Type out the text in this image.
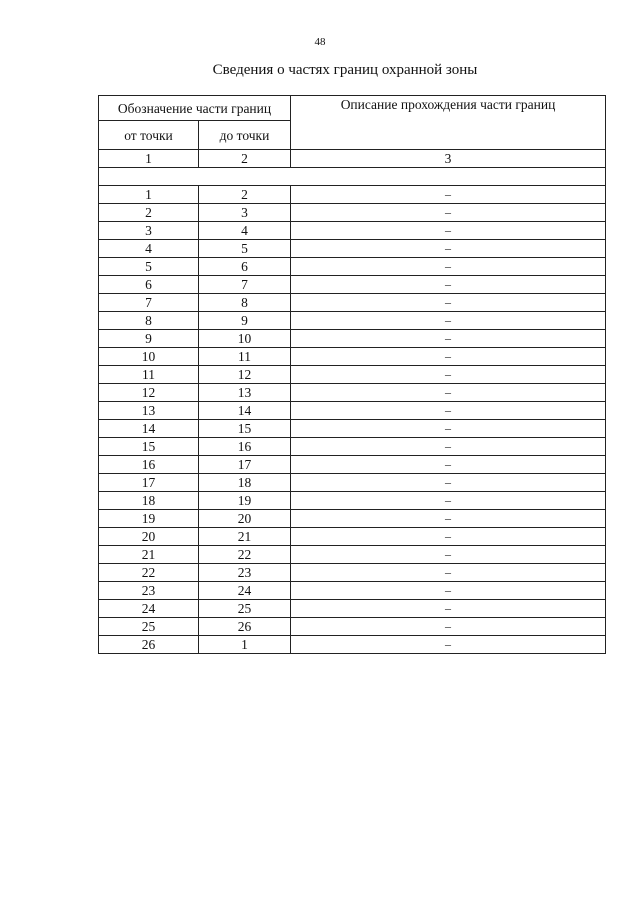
48
Сведения о частях границ охранной зоны
Обозначение части границ		Описание прохождения части границ
от точки	до точки	
1	2	3

1	2	–
2	3	–
3	4	–
4	5	–
5	6	–
6	7	–
7	8	–
8	9	–
9	10	–
10	11	–
11	12	–
12	13	–
13	14	–
14	15	–
15	16	–
16	17	–
17	18	–
18	19	–
19	20	–
20	21	–
21	22	–
22	23	–
23	24	–
24	25	–
25	26	–
26	1	–
